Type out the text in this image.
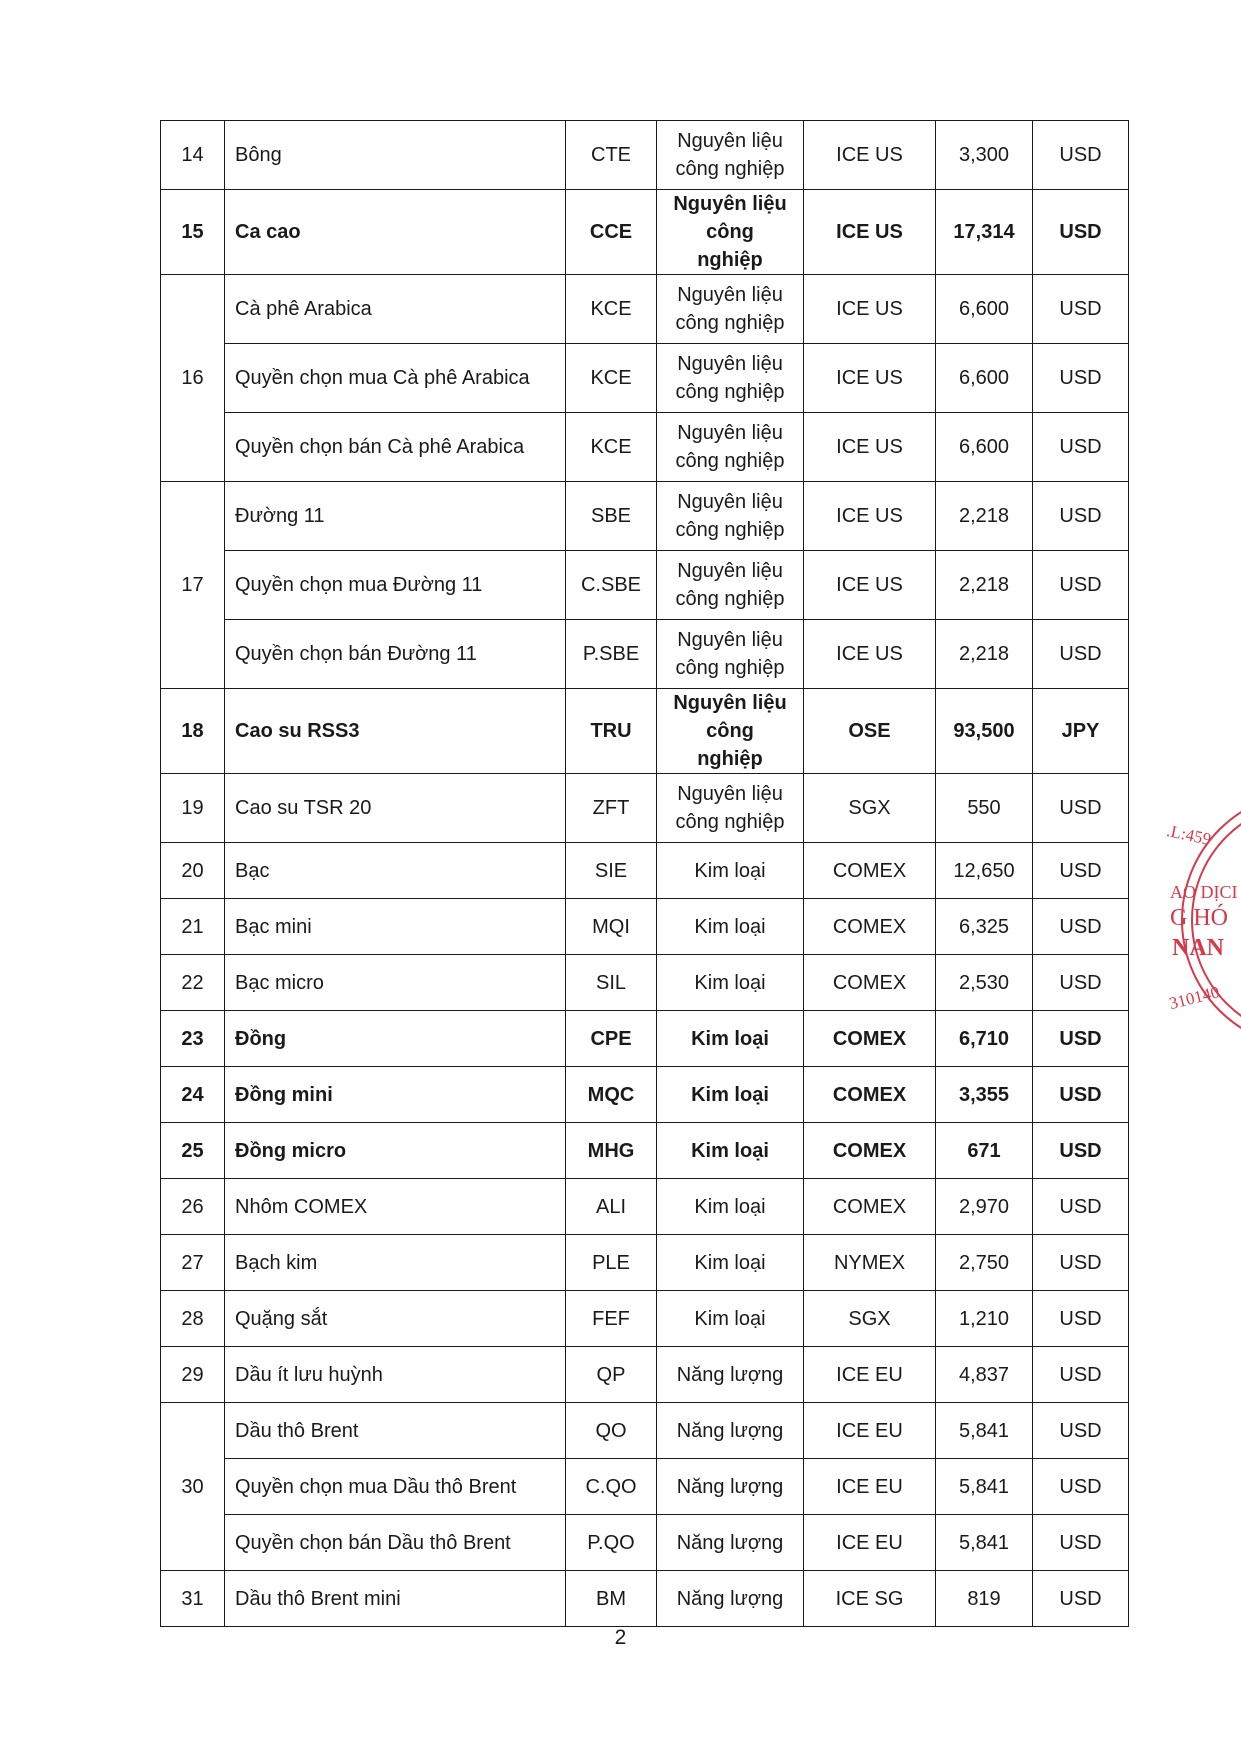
14	Bông	CTE	Nguyên liệu công nghiệp	ICE US	3,300	USD
15	Ca cao	CCE	Nguyên liệu công nghiệp	ICE US	17,314	USD
16	Cà phê Arabica	KCE	Nguyên liệu công nghiệp	ICE US	6,600	USD
	Quyền chọn mua Cà phê Arabica	KCE	Nguyên liệu công nghiệp	ICE US	6,600	USD
	Quyền chọn bán Cà phê Arabica	KCE	Nguyên liệu công nghiệp	ICE US	6,600	USD
17	Đường 11	SBE	Nguyên liệu công nghiệp	ICE US	2,218	USD
	Quyền chọn mua Đường 11	C.SBE	Nguyên liệu công nghiệp	ICE US	2,218	USD
	Quyền chọn bán Đường 11	P.SBE	Nguyên liệu công nghiệp	ICE US	2,218	USD
18	Cao su RSS3	TRU	Nguyên liệu công nghiệp	OSE	93,500	JPY
19	Cao su TSR 20	ZFT	Nguyên liệu công nghiệp	SGX	550	USD
20	Bạc	SIE	Kim loại	COMEX	12,650	USD
21	Bạc mini	MQI	Kim loại	COMEX	6,325	USD
22	Bạc micro	SIL	Kim loại	COMEX	2,530	USD
23	Đồng	CPE	Kim loại	COMEX	6,710	USD
24	Đồng mini	MQC	Kim loại	COMEX	3,355	USD
25	Đồng micro	MHG	Kim loại	COMEX	671	USD
26	Nhôm COMEX	ALI	Kim loại	COMEX	2,970	USD
27	Bạch kim	PLE	Kim loại	NYMEX	2,750	USD
28	Quặng sắt	FEF	Kim loại	SGX	1,210	USD
29	Dầu ít lưu huỳnh	QP	Năng lượng	ICE EU	4,837	USD
30	Dầu thô Brent	QO	Năng lượng	ICE EU	5,841	USD
	Quyền chọn mua Dầu thô Brent	C.QO	Năng lượng	ICE EU	5,841	USD
	Quyền chọn bán Dầu thô Brent	P.QO	Năng lượng	ICE EU	5,841	USD
31	Dầu thô Brent mini	BM	Năng lượng	ICE SG	819	USD
2
.L:459
AO DỊCI
G HÓ
NAN
310140
